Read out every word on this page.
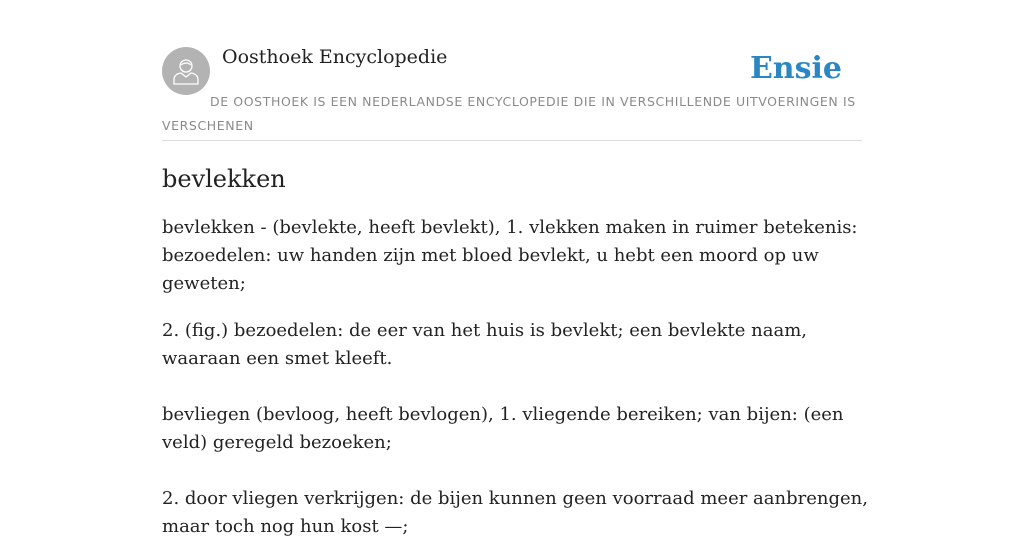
Oosthoek Encyclopedie	Ensie
DE OOSTHOEK IS EEN NEDERLANDSE ENCYCLOPEDIE DIE IN VERSCHILLENDE UITVOERINGEN IS VERSCHENEN
bevlekken

bevlekken - (bevlekte, heeft bevlekt), 1. vlekken maken in ruimer betekenis: bezoedelen: uw handen zijn met bloed bevlekt, u hebt een moord op uw geweten;

2. (fig.) bezoedelen: de eer van het huis is bevlekt; een bevlekte naam, waaraan een smet kleeft.

bevliegen (bevloog, heeft bevlogen), 1. vliegende bereiken; van bijen: (een veld) geregeld bezoeken;

2. door vliegen verkrijgen: de bijen kunnen geen voorraad meer aanbrengen, maar toch nog hun kost —;
